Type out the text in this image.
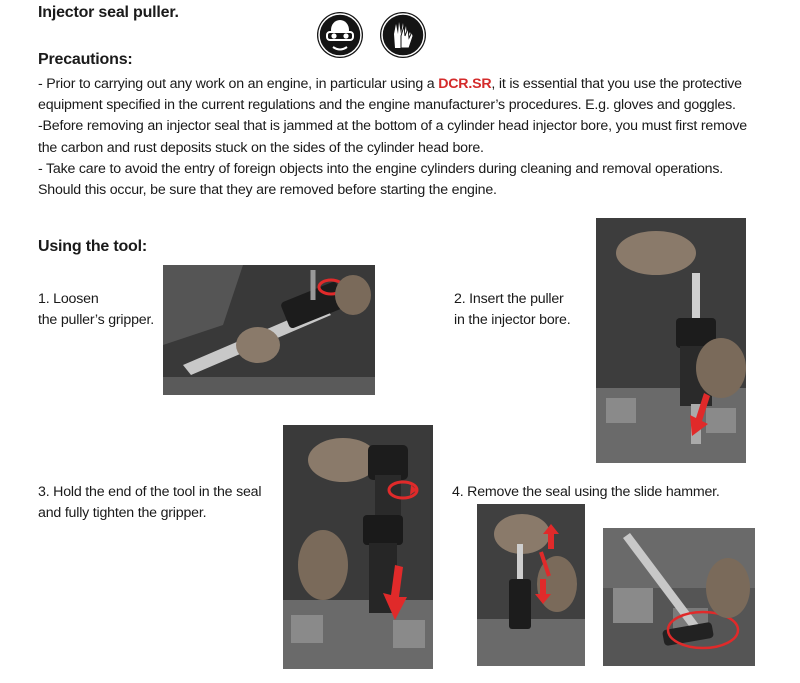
Injector seal puller.
Precautions:

- Prior to carrying out any work on an engine, in particular using a DCR.SR, it is essential that you use the protective

equipment specified in the current regulations and the engine manufacturer’s procedures. E.g. gloves and goggles.

-Before removing an injector seal that is jammed at the bottom of a cylinder head injector bore, you must first remove

the carbon and rust deposits stuck on the sides of the cylinder head bore.

- Take care to avoid the entry of foreign objects into the engine cylinders during cleaning and removal operations.

Should this occur, be sure that they are removed before starting the engine.

Using the tool:
1. Loosen
the puller’s gripper.
2. Insert the puller
in the injector bore.
3. Hold the end of the tool in the seal
and fully tighten the gripper.
4. Remove the seal using the slide hammer.
